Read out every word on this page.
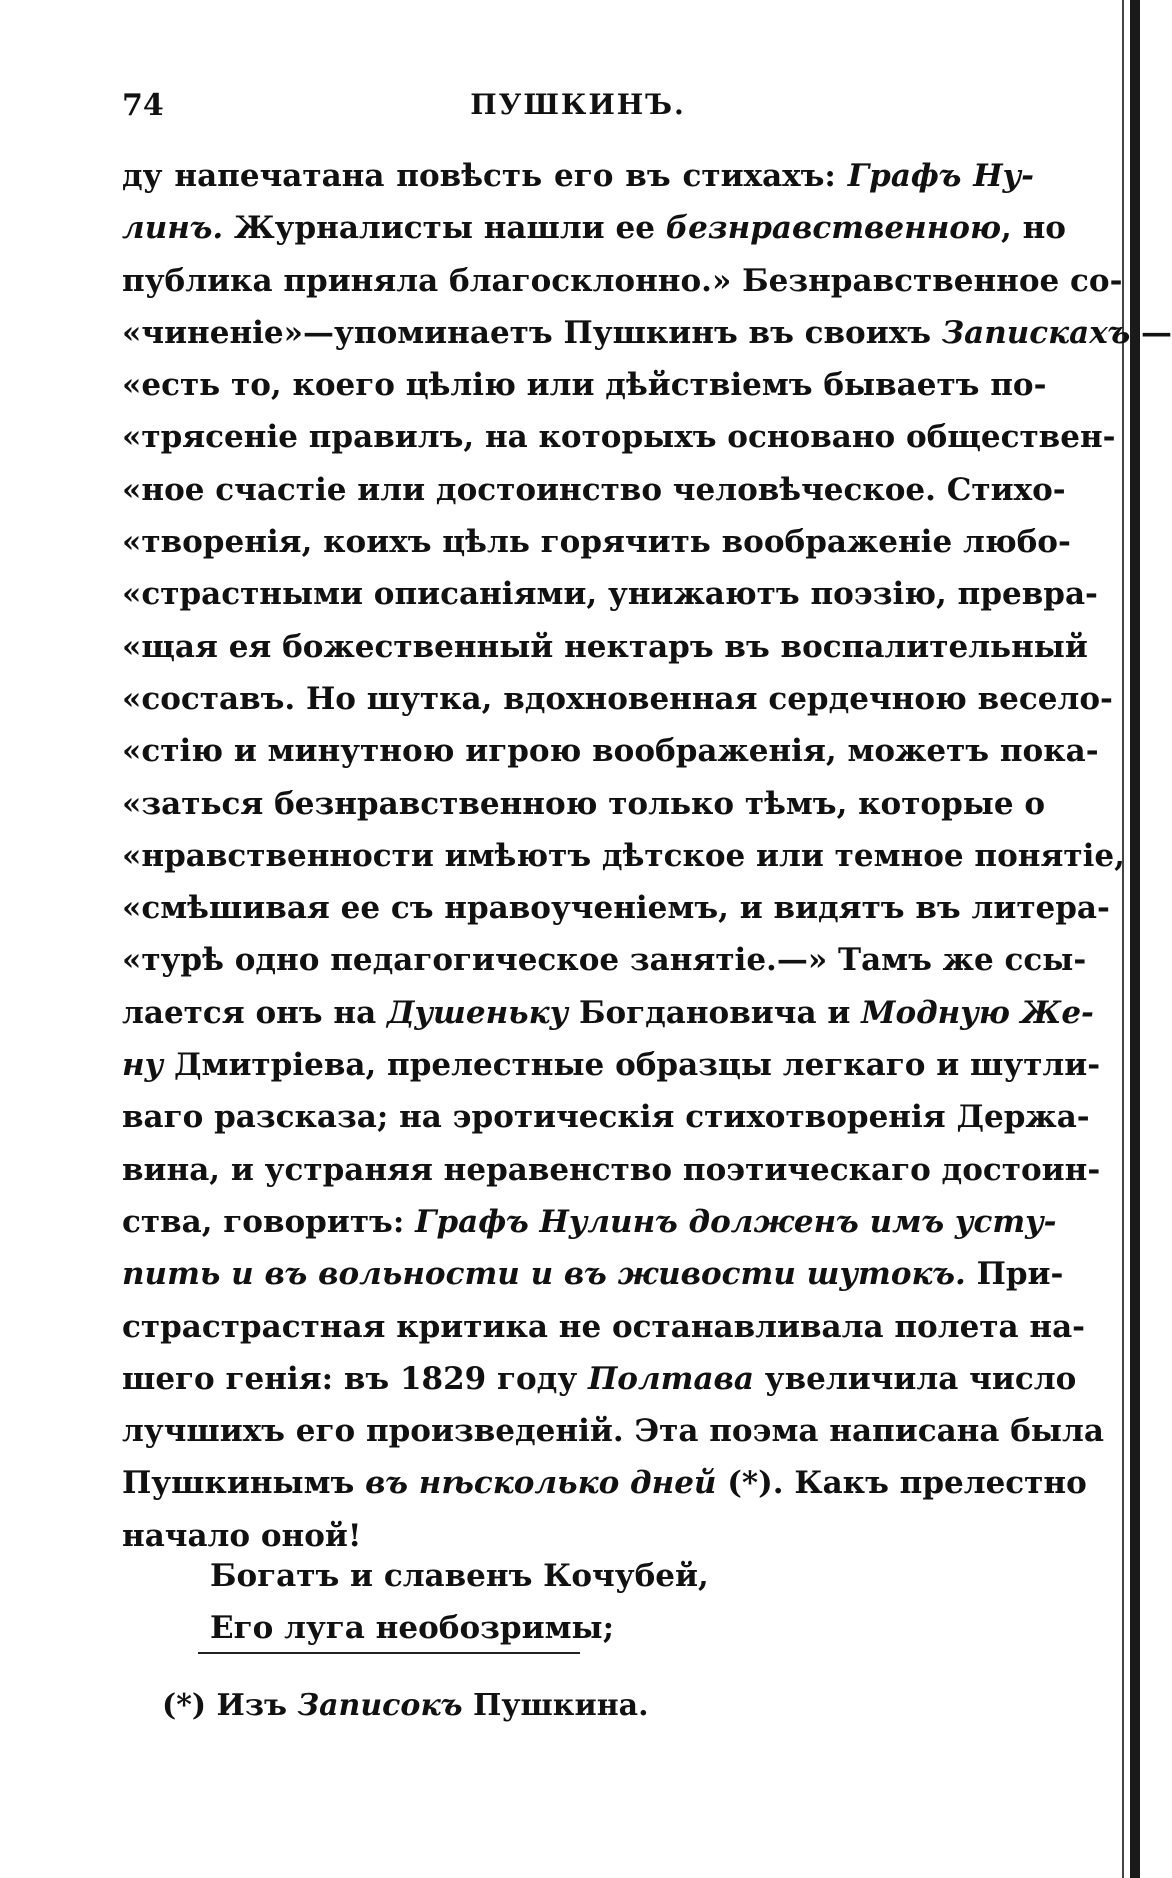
74	ПУШКИНЪ.
ду напечатана повѣсть его въ стихахъ: Графъ Ну-
линъ. Журналисты нашли ее безнравственною, но
публика приняла благосклонно.» Безнравственное со-
«чиненіе»—упоминаетъ Пушкинъ въ своихъ Запискахъ —
«есть то, коего цѣлію или дѣйствіемъ бываетъ по-
«трясеніе правилъ, на которыхъ основано обществен-
«ное счастіе или достоинство человѣческое. Стихо-
«творенія, коихъ цѣль горячить воображеніе любо-
«страстными описаніями, унижаютъ поэзію, превра-
«щая ея божественный нектаръ въ воспалительный
«составъ. Но шутка, вдохновенная сердечною весело-
«стію и минутною игрою воображенія, можетъ пока-
«заться безнравственною только тѣмъ, которые о
«нравственности имѣютъ дѣтское или темное понятіе,
«смѣшивая ее съ нравоученіемъ, и видятъ въ литера-
«турѣ одно педагогическое занятіе.—» Тамъ же ссы-
лается онъ на Душеньку Богдановича и Модную Же-
ну Дмитріева, прелестные образцы легкаго и шутли-
ваго разсказа; на эротическія стихотворенія Держа-
вина, и устраняя неравенство поэтическаго достоин-
ства, говоритъ: Графъ Нулинъ долженъ имъ усту-
пить и въ вольности и въ живости шутокъ. При-
страстрастная критика не останавливала полета на-
шего генія: въ 1829 году Полтава увеличила число
лучшихъ его произведеній. Эта поэма написана была
Пушкинымъ въ нѣсколько дней (*). Какъ прелестно
начало оной!
Богатъ и славенъ Кочубей,
Его луга необозримы;
(*) Изъ Записокъ Пушкина.
